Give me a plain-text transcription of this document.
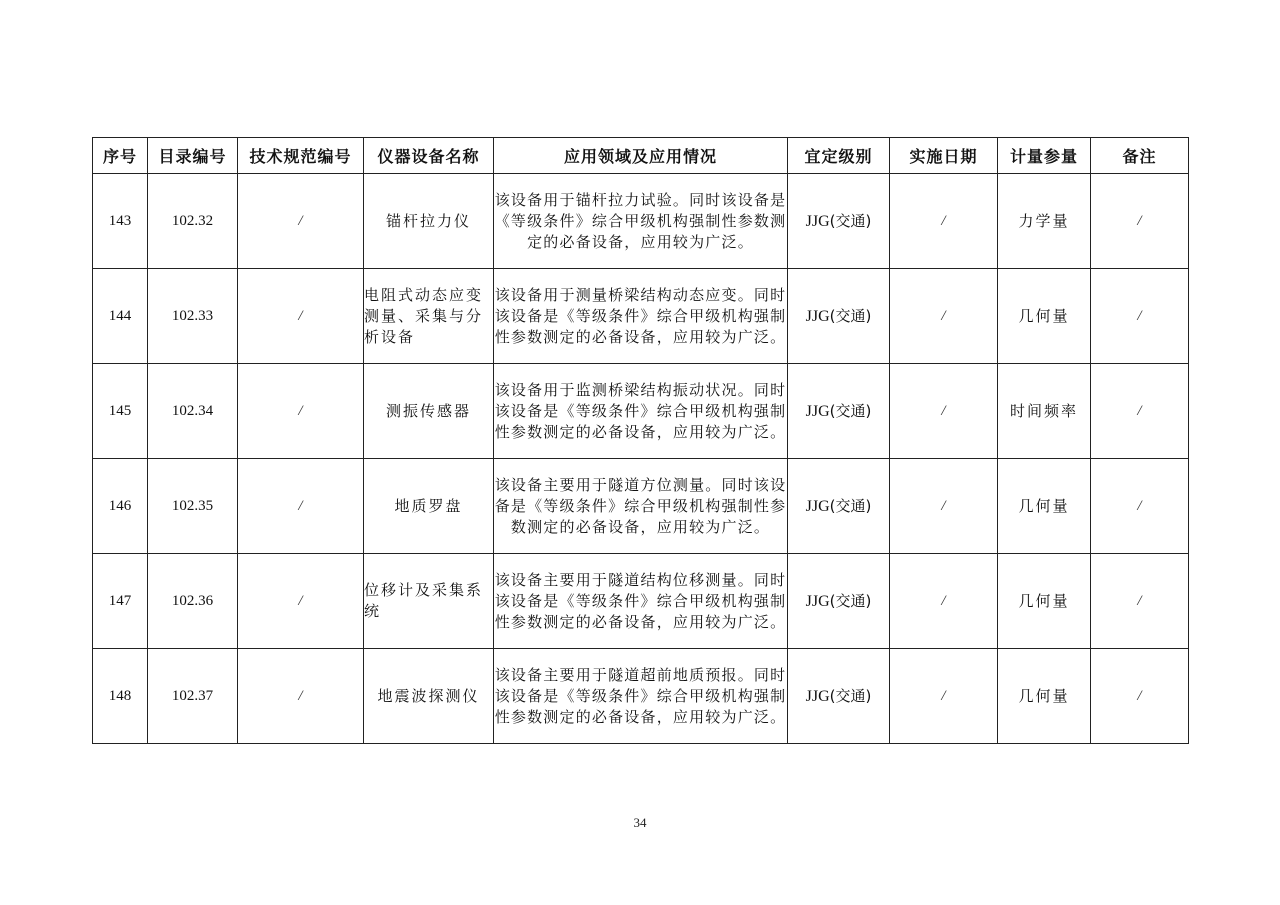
序号	目录编号	技术规范编号	仪器设备名称	应用领域及应用情况	宜定级别	实施日期	计量参量	备注
143	102.32	/	锚杆拉力仪	该设备用于锚杆拉力试验。同时该设备是《等级条件》综合甲级机构强制性参数测定的必备设备，应用较为广泛。	JJG(交通)	/	力学量	/
144	102.33	/	电阻式动态应变测量、采集与分析设备	该设备用于测量桥梁结构动态应变。同时该设备是《等级条件》综合甲级机构强制性参数测定的必备设备，应用较为广泛。	JJG(交通)	/	几何量	/
145	102.34	/	测振传感器	该设备用于监测桥梁结构振动状况。同时该设备是《等级条件》综合甲级机构强制性参数测定的必备设备，应用较为广泛。	JJG(交通)	/	时间频率	/
146	102.35	/	地质罗盘	该设备主要用于隧道方位测量。同时该设备是《等级条件》综合甲级机构强制性参数测定的必备设备，应用较为广泛。	JJG(交通)	/	几何量	/
147	102.36	/	位移计及采集系统	该设备主要用于隧道结构位移测量。同时该设备是《等级条件》综合甲级机构强制性参数测定的必备设备，应用较为广泛。	JJG(交通)	/	几何量	/
148	102.37	/	地震波探测仪	该设备主要用于隧道超前地质预报。同时该设备是《等级条件》综合甲级机构强制性参数测定的必备设备，应用较为广泛。	JJG(交通)	/	几何量	/
34
